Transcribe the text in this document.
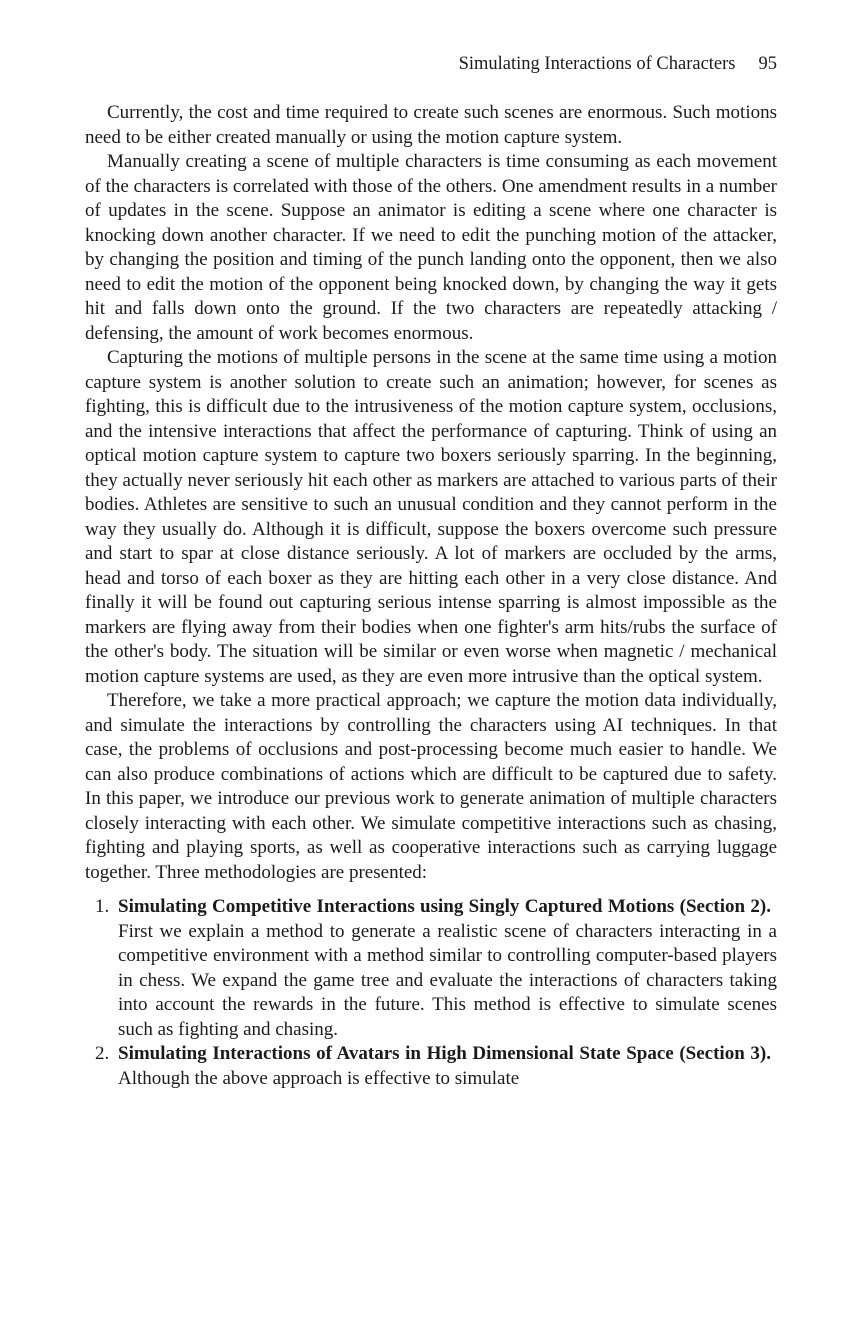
Simulating Interactions of Characters 95

Currently, the cost and time required to create such scenes are enormous. Such motions need to be either created manually or using the motion capture system.

Manually creating a scene of multiple characters is time consuming as each movement of the characters is correlated with those of the others. One amendment results in a number of updates in the scene. Suppose an animator is editing a scene where one character is knocking down another character. If we need to edit the punching motion of the attacker, by changing the position and timing of the punch landing onto the opponent, then we also need to edit the motion of the opponent being knocked down, by changing the way it gets hit and falls down onto the ground. If the two characters are repeatedly attacking / defensing, the amount of work becomes enormous.

Capturing the motions of multiple persons in the scene at the same time using a motion capture system is another solution to create such an animation; however, for scenes as fighting, this is difficult due to the intrusiveness of the motion capture system, occlusions, and the intensive interactions that affect the performance of capturing. Think of using an optical motion capture system to capture two boxers seriously sparring. In the beginning, they actually never seriously hit each other as markers are attached to various parts of their bodies. Athletes are sensitive to such an unusual condition and they cannot perform in the way they usually do. Although it is difficult, suppose the boxers overcome such pressure and start to spar at close distance seriously. A lot of markers are occluded by the arms, head and torso of each boxer as they are hitting each other in a very close distance. And finally it will be found out capturing serious intense sparring is almost impossible as the markers are flying away from their bodies when one fighter's arm hits/rubs the surface of the other's body. The situation will be similar or even worse when magnetic / mechanical motion capture systems are used, as they are even more intrusive than the optical system.

Therefore, we take a more practical approach; we capture the motion data individually, and simulate the interactions by controlling the characters using AI techniques. In that case, the problems of occlusions and post-processing become much easier to handle. We can also produce combinations of actions which are difficult to be captured due to safety. In this paper, we introduce our previous work to generate animation of multiple characters closely interacting with each other. We simulate competitive interactions such as chasing, fighting and playing sports, as well as cooperative interactions such as carrying luggage together. Three methodologies are presented:

1. Simulating Competitive Interactions using Singly Captured Motions (Section 2). First we explain a method to generate a realistic scene of characters interacting in a competitive environment with a method similar to controlling computer-based players in chess. We expand the game tree and evaluate the interactions of characters taking into account the rewards in the future. This method is effective to simulate scenes such as fighting and chasing.
2. Simulating Interactions of Avatars in High Dimensional State Space (Section 3). Although the above approach is effective to simulate
